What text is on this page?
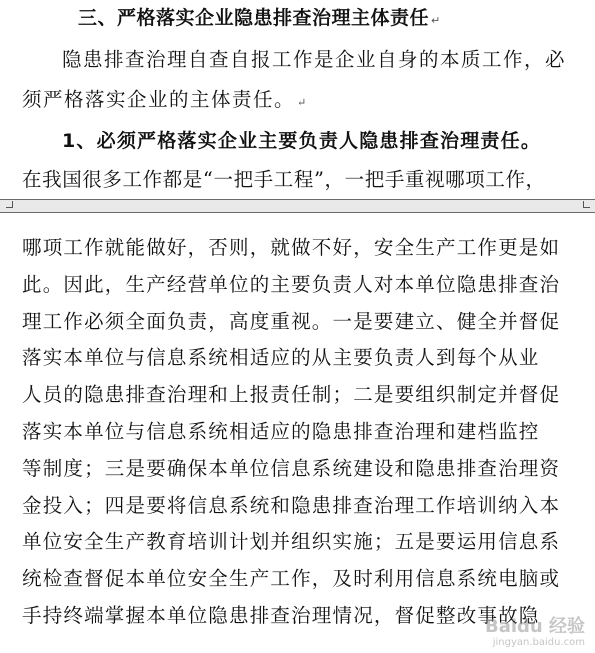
三、严格落实企业隐患排查治理主体责任 ↵
隐患排查治理自查自报工作是企业自身的本质工作，必
须严格落实企业的主体责任。 ↵
1、必须严格落实企业主要负责人隐患排查治理责任。
在我国很多工作都是“一把手工程”，一把手重视哪项工作，
哪项工作就能做好，否则，就做不好，安全生产工作更是如
此。因此，生产经营单位的主要负责人对本单位隐患排查治
理工作必须全面负责，高度重视。一是要建立、健全并督促
落实本单位与信息系统相适应的从主要负责人到每个从业
人员的隐患排查治理和上报责任制；二是要组织制定并督促
落实本单位与信息系统相适应的隐患排查治理和建档监控
等制度；三是要确保本单位信息系统建设和隐患排查治理资
金投入；四是要将信息系统和隐患排查治理工作培训纳入本
单位安全生产教育培训计划并组织实施；五是要运用信息系
统检查督促本单位安全生产工作，及时利用信息系统电脑或
手持终端掌握本单位隐患排查治理情况，督促整改事故隐
Baidu 经验
jingyan.baidu.com
